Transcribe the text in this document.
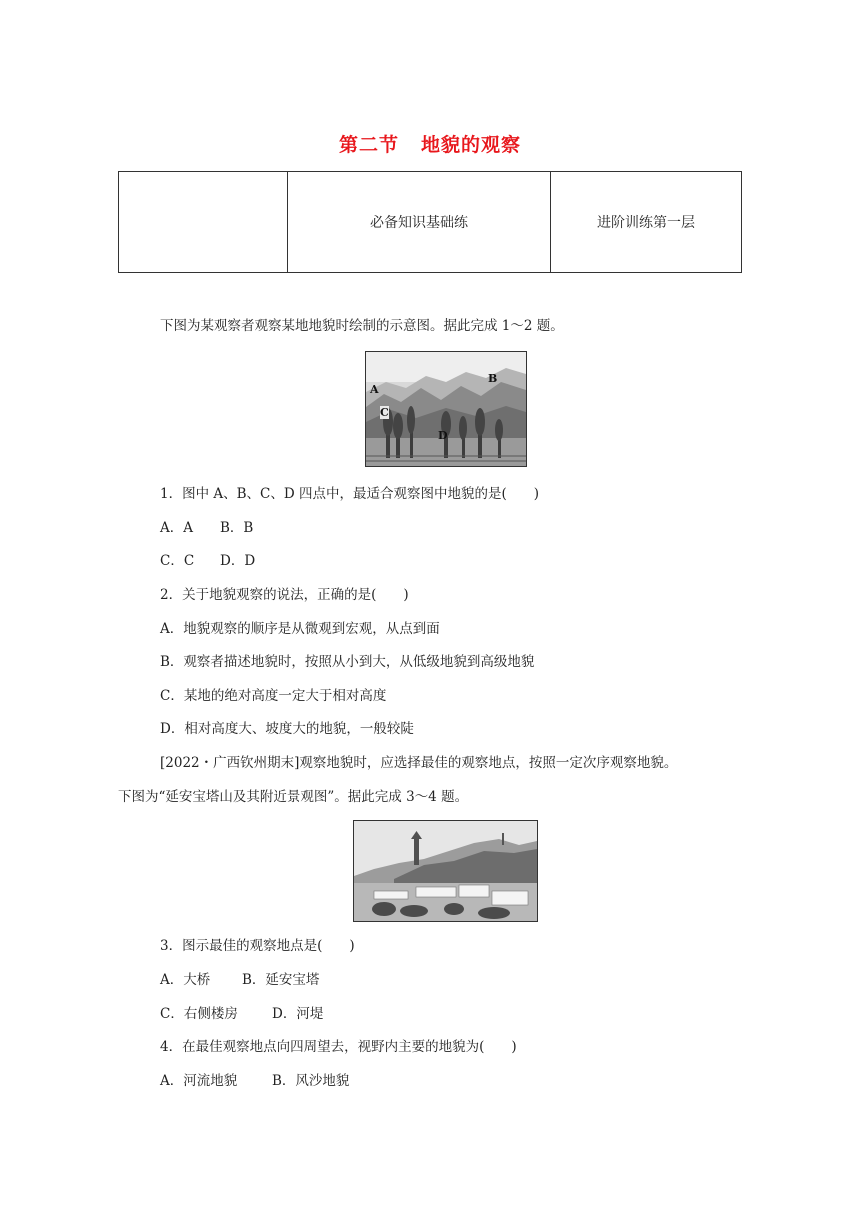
第二节 地貌的观察
	必备知识基础练	进阶训练第一层
下图为某观察者观察某地地貌时绘制的示意图。据此完成 1～2 题。
A
B
C
D
1．图中 A、B、C、D 四点中，最适合观察图中地貌的是(　　)
A．A B．B
C．C D．D
2．关于地貌观察的说法，正确的是(　　)
A．地貌观察的顺序是从微观到宏观，从点到面
B．观察者描述地貌时，按照从小到大，从低级地貌到高级地貌
C．某地的绝对高度一定大于相对高度
D．相对高度大、坡度大的地貌，一般较陡
[2022・广西钦州期末]观察地貌时，应选择最佳的观察地点，按照一定次序观察地貌。
下图为“延安宝塔山及其附近景观图”。据此完成 3～4 题。
3．图示最佳的观察地点是(　　)
A．大桥 B．延安宝塔
C．右侧楼房	D．河堤
4．在最佳观察地点向四周望去，视野内主要的地貌为(　　)
A．河流地貌	B．风沙地貌
